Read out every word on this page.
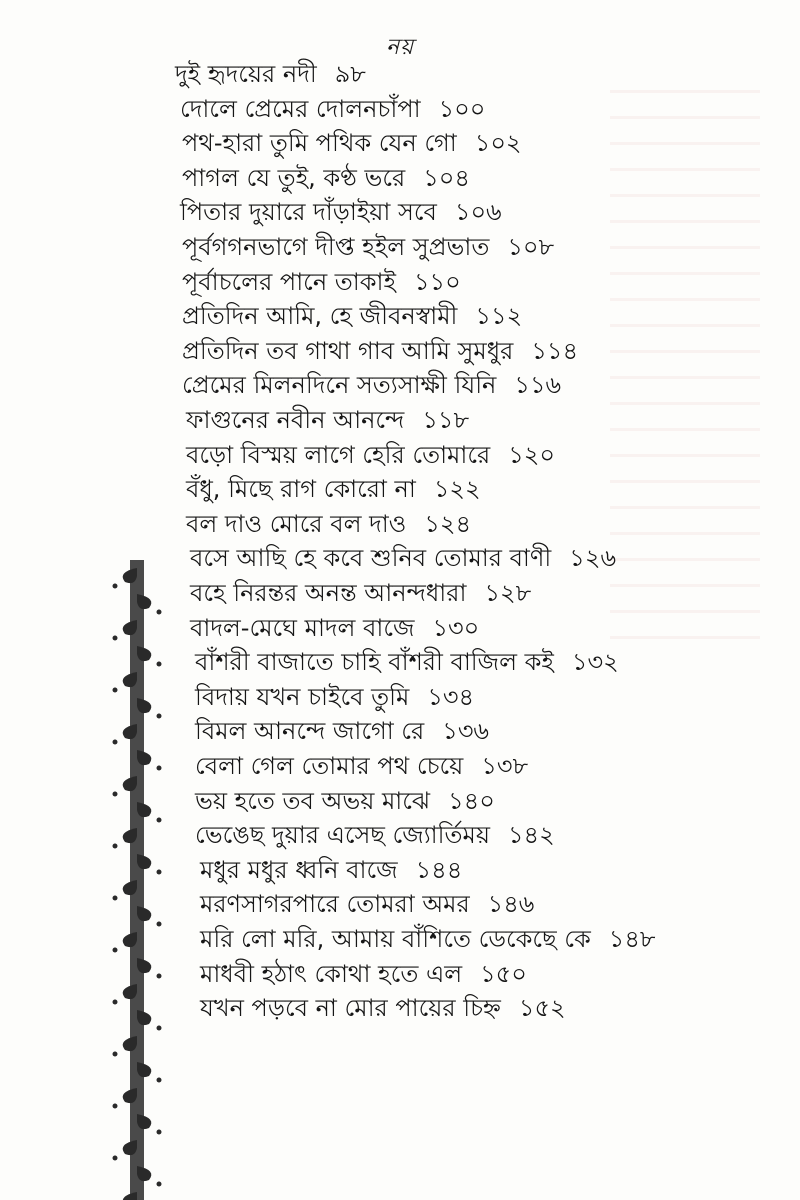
নয়
দুই হৃদয়ের নদী ৯৮
দোলে প্রেমের দোলনচাঁপা ১০০
পথ-হারা তুমি পথিক যেন গো ১০২
পাগল যে তুই, কণ্ঠ ভরে ১০৪
পিতার দুয়ারে দাঁড়াইয়া সবে ১০৬
পূর্বগগনভাগে দীপ্ত হইল সুপ্রভাত ১০৮
পূর্বাচলের পানে তাকাই ১১০
প্রতিদিন আমি, হে জীবনস্বামী ১১২
প্রতিদিন তব গাথা গাব আমি সুমধুর ১১৪
প্রেমের মিলনদিনে সত্যসাক্ষী যিনি ১১৬
ফাগুনের নবীন আনন্দে ১১৮
বড়ো বিস্ময় লাগে হেরি তোমারে ১২০
বঁধু, মিছে রাগ কোরো না ১২২
বল দাও মোরে বল দাও ১২৪
বসে আছি হে কবে শুনিব তোমার বাণী ১২৬
বহে নিরন্তর অনন্ত আনন্দধারা ১২৮
বাদল-মেঘে মাদল বাজে ১৩০
বাঁশরী বাজাতে চাহি বাঁশরী বাজিল কই ১৩২
বিদায় যখন চাইবে তুমি ১৩৪
বিমল আনন্দে জাগো রে ১৩৬
বেলা গেল তোমার পথ চেয়ে ১৩৮
ভয় হতে তব অভয় মাঝে ১৪০
ভেঙেছ দুয়ার এসেছ জ্যোর্তিময় ১৪২
মধুর মধুর ধ্বনি বাজে ১৪৪
মরণসাগরপারে তোমরা অমর ১৪৬
মরি লো মরি, আমায় বাঁশিতে ডেকেছে কে ১৪৮
মাধবী হঠাৎ কোথা হতে এল ১৫০
যখন পড়বে না মোর পায়ের চিহ্ন ১৫২
